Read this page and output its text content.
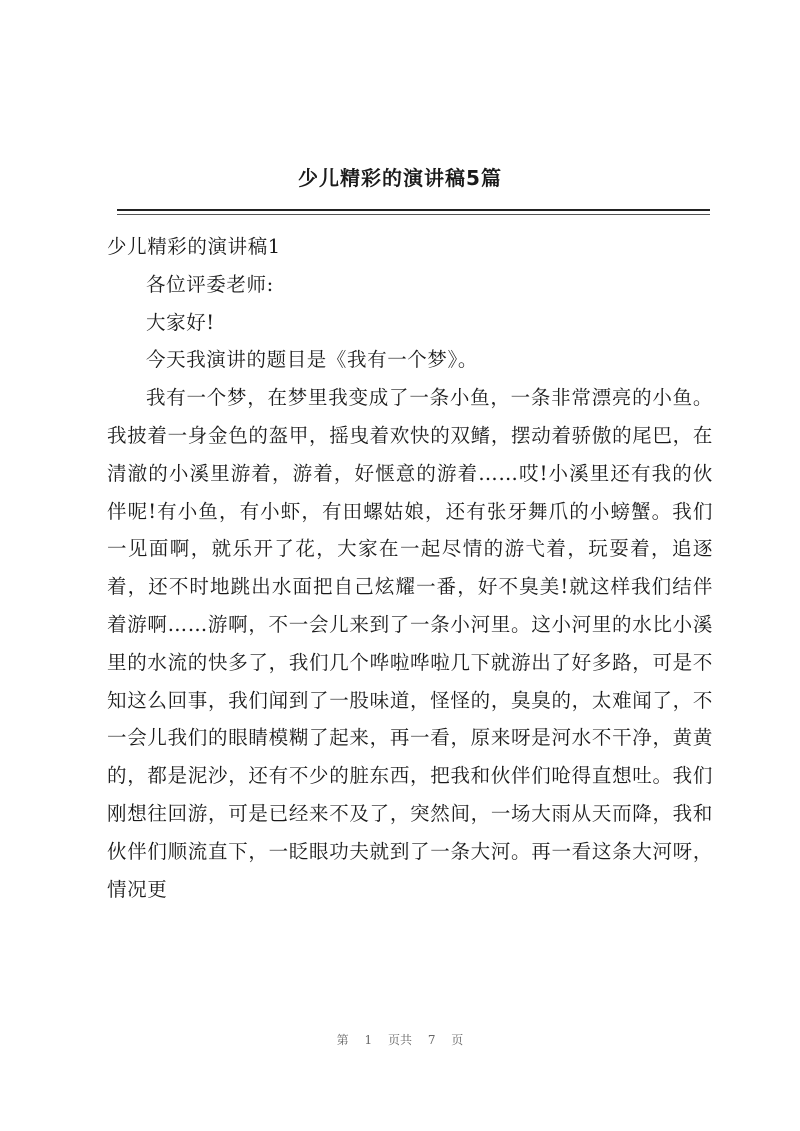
少儿精彩的演讲稿5篇

少儿精彩的演讲稿1

各位评委老师:

大家好!

今天我演讲的题目是《我有一个梦》。

我有一个梦，在梦里我变成了一条小鱼，一条非常漂亮的小鱼。我披着一身金色的盔甲，摇曳着欢快的双鳍，摆动着骄傲的尾巴，在清澈的小溪里游着，游着，好惬意的游着……哎!小溪里还有我的伙伴呢!有小鱼，有小虾，有田螺姑娘，还有张牙舞爪的小螃蟹。我们一见面啊，就乐开了花，大家在一起尽情的游弋着，玩耍着，追逐着，还不时地跳出水面把自己炫耀一番，好不臭美!就这样我们结伴着游啊……游啊，不一会儿来到了一条小河里。这小河里的水比小溪里的水流的快多了，我们几个哗啦哗啦几下就游出了好多路，可是不知这么回事，我们闻到了一股味道，怪怪的，臭臭的，太难闻了，不一会儿我们的眼睛模糊了起来，再一看，原来呀是河水不干净，黄黄的，都是泥沙，还有不少的脏东西，把我和伙伴们呛得直想吐。我们刚想往回游，可是已经来不及了，突然间，一场大雨从天而降，我和伙伴们顺流直下，一眨眼功夫就到了一条大河。再一看这条大河呀，情况更

第 1 页共 7 页
